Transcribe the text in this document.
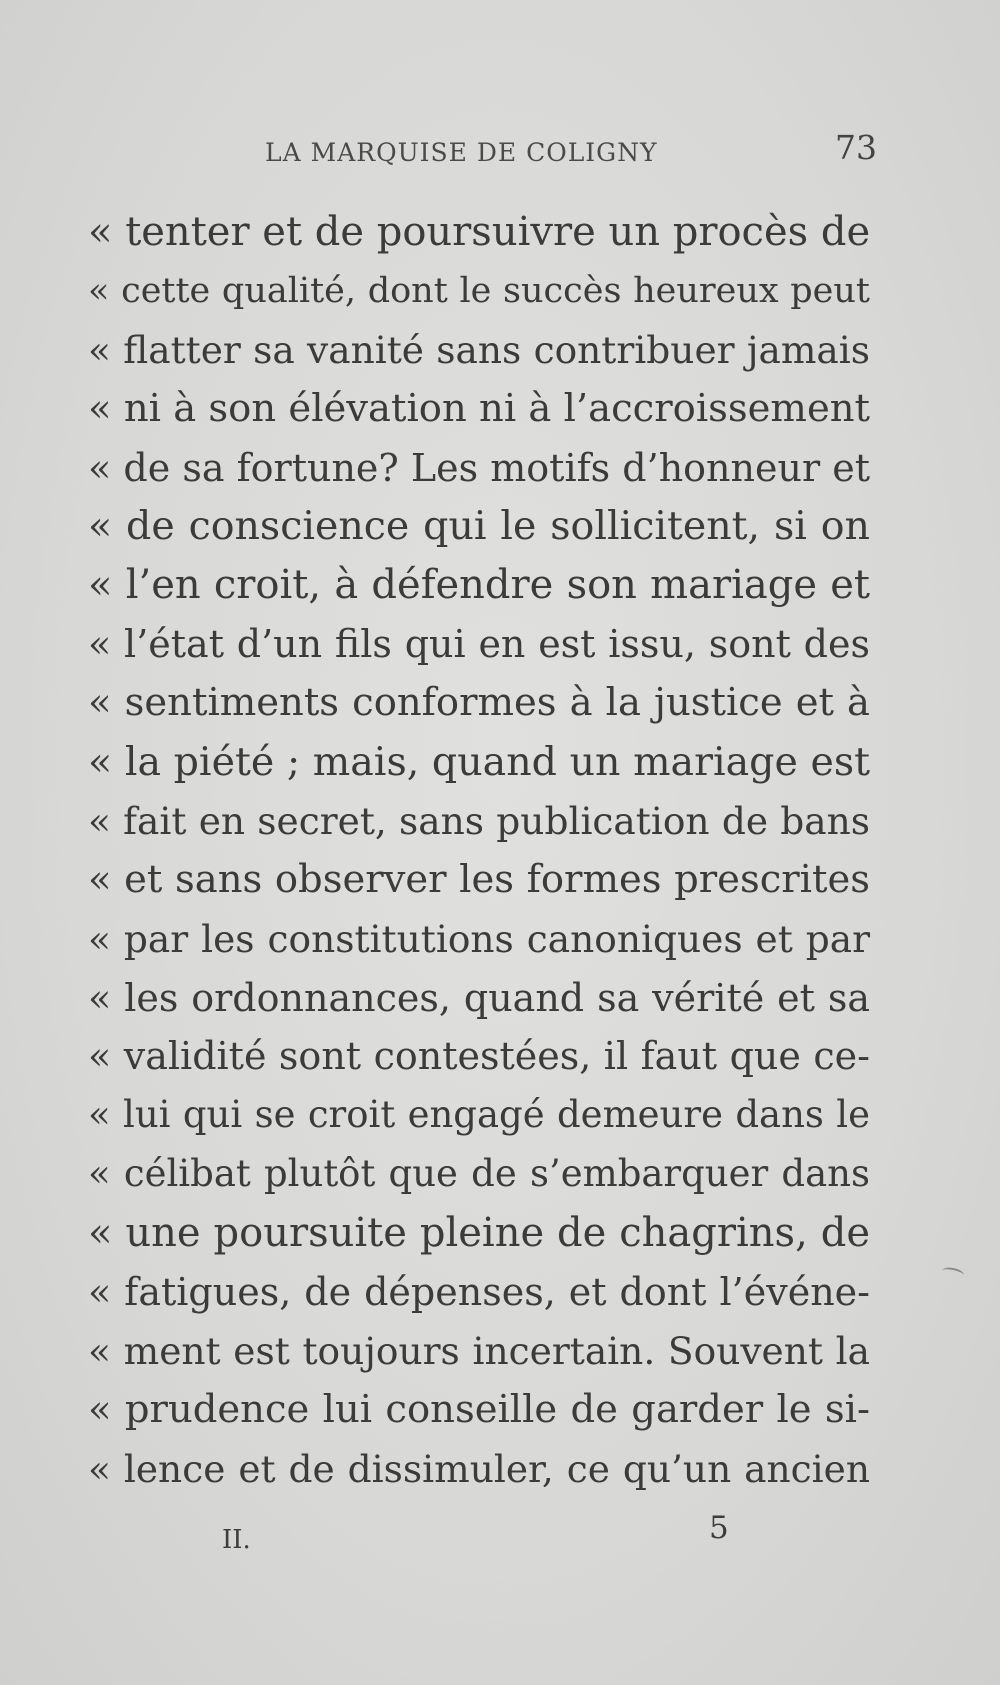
LA MARQUISE DE COLIGNY	73
« tenter et de poursuivre un procès de
« cette qualité, dont le succès heureux peut
« flatter sa vanité sans contribuer jamais
« ni à son élévation ni à l’accroissement
« de sa fortune? Les motifs d’honneur et
« de conscience qui le sollicitent, si on
« l’en croit, à défendre son mariage et
« l’état d’un fils qui en est issu, sont des
« sentiments conformes à la justice et à
« la piété ; mais, quand un mariage est
« fait en secret, sans publication de bans
« et sans observer les formes prescrites
« par les constitutions canoniques et par
« les ordonnances, quand sa vérité et sa
« validité sont contestées, il faut que ce-
« lui qui se croit engagé demeure dans le
« célibat plutôt que de s’embarquer dans
« une poursuite pleine de chagrins, de
« fatigues, de dépenses, et dont l’événe-
« ment est toujours incertain. Souvent la
« prudence lui conseille de garder le si-
« lence et de dissimuler, ce qu’un ancien
II.	5
